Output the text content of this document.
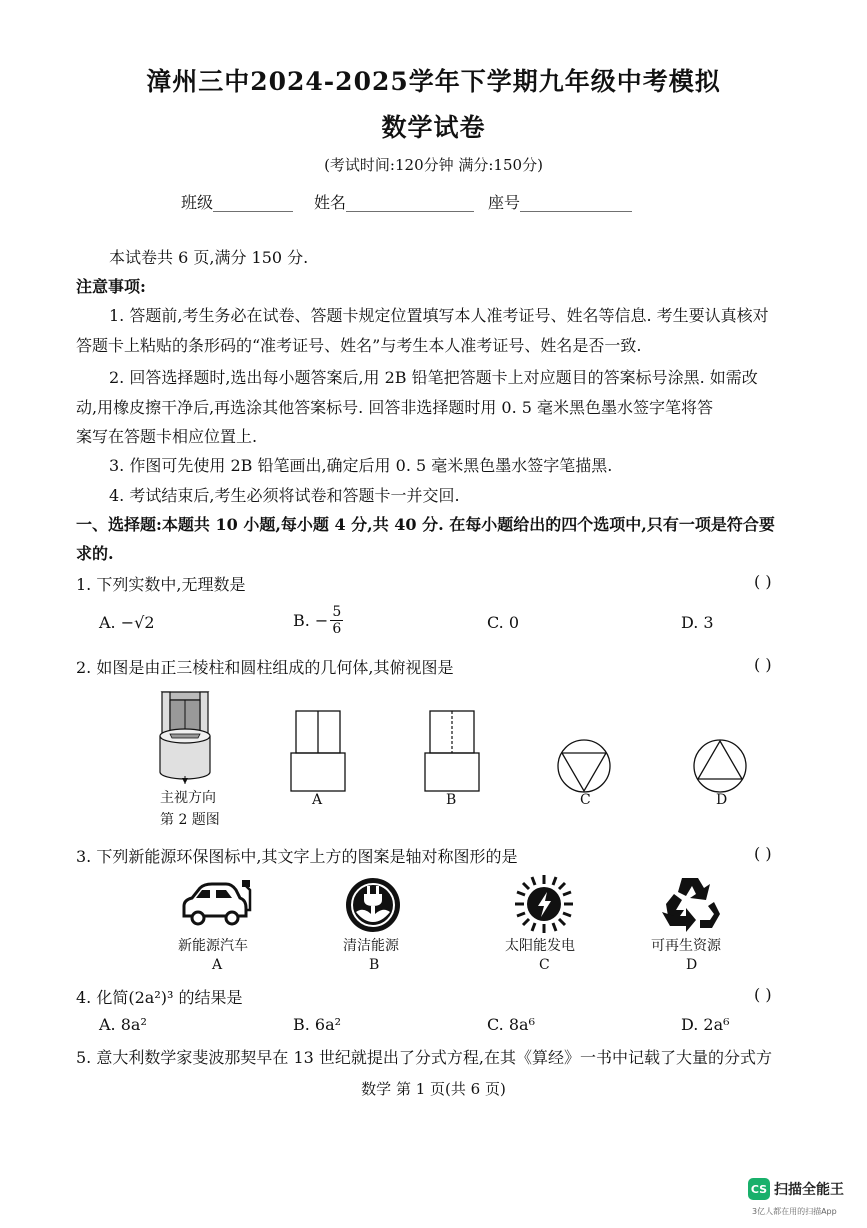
漳州三中2024-2025学年下学期九年级中考模拟
数学试卷
(考试时间:120分钟 满分:150分)
班级__________ 姓名________________ 座号______________
本试卷共 6 页,满分 150 分.
注意事项:
1. 答题前,考生务必在试卷、答题卡规定位置填写本人准考证号、姓名等信息. 考生要认真核对
答题卡上粘贴的条形码的“准考证号、姓名”与考生本人准考证号、姓名是否一致.
2. 回答选择题时,选出每小题答案后,用 2B 铅笔把答题卡上对应题目的答案标号涂黑. 如需改
动,用橡皮擦干净后,再选涂其他答案标号. 回答非选择题时用 0. 5 毫米黑色墨水签字笔将答
案写在答题卡相应位置上.
3. 作图可先使用 2B 铅笔画出,确定后用 0. 5 毫米黑色墨水签字笔描黑.
4. 考试结束后,考生必须将试卷和答题卡一并交回.
一、选择题:本题共 10 小题,每小题 4 分,共 40 分. 在每小题给出的四个选项中,只有一项是符合要
求的.
1. 下列实数中,无理数是	( )
A. −√2	B. − $\frac{5}{6}$	C. 0	D. 3
2. 如图是由正三棱柱和圆柱组成的几何体,其俯视图是	( )
主视方向
第 2 题图
A	B	C	D
3. 下列新能源环保图标中,其文字上方的图案是轴对称图形的是	( )
新能源汽车
A
清洁能源
B
太阳能发电
C
可再生资源
D
4. 化简(2a²)³ 的结果是	( )
A. 8a²	B. 6a²	C. 8a⁶	D. 2a⁶
5. 意大利数学家斐波那契早在 13 世纪就提出了分式方程,在其《算经》一书中记载了大量的分式方
数学 第 1 页(共 6 页)
CS 扫描全能王
3亿人都在用的扫描App
